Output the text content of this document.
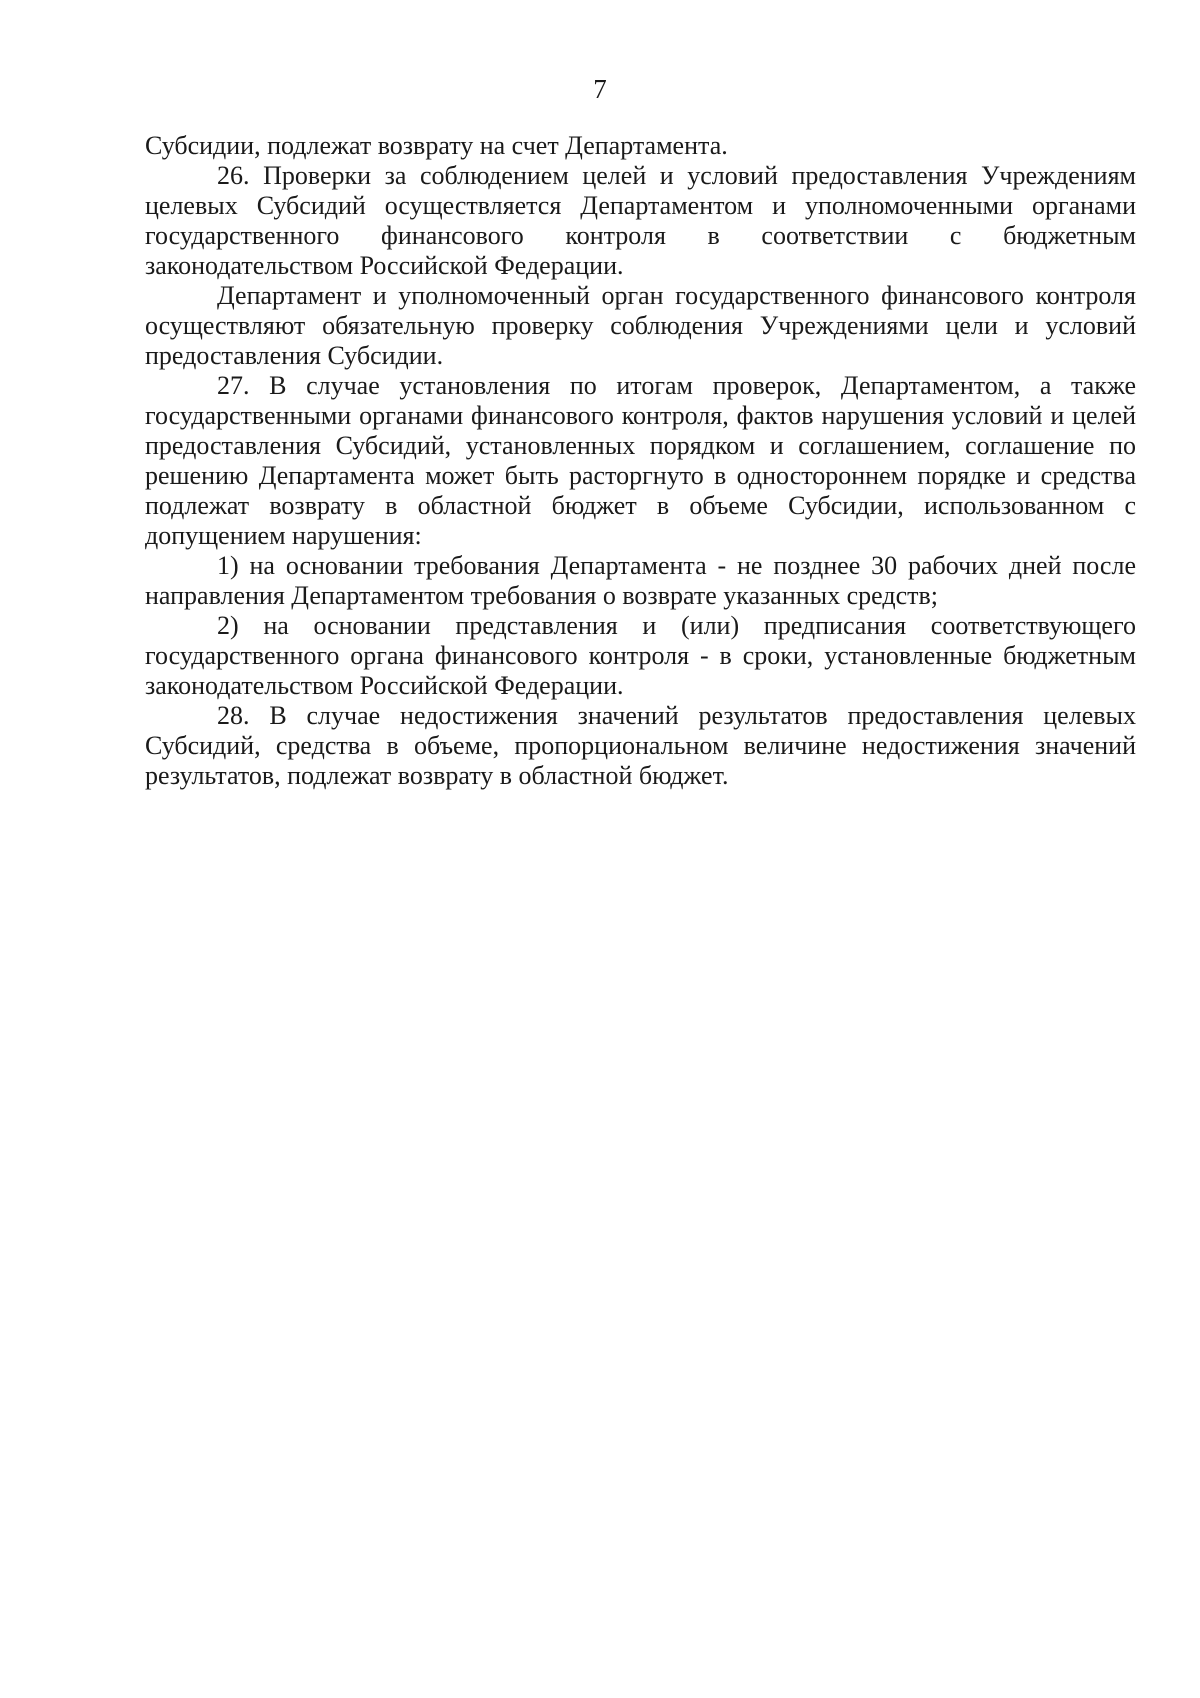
7

Субсидии, подлежат возврату на счет Департамента.

26. Проверки за соблюдением целей и условий предоставления Учреждениям целевых Субсидий осуществляется Департаментом и уполномоченными органами государственного финансового контроля в соответствии с бюджетным законодательством Российской Федерации.

Департамент и уполномоченный орган государственного финансового контроля осуществляют обязательную проверку соблюдения Учреждениями цели и условий предоставления Субсидии.

27. В случае установления по итогам проверок, Департаментом, а также государственными органами финансового контроля, фактов нарушения условий и целей предоставления Субсидий, установленных порядком и соглашением, соглашение по решению Департамента может быть расторгнуто в одностороннем порядке и средства подлежат возврату в областной бюджет в объеме Субсидии, использованном с допущением нарушения:

1) на основании требования Департамента - не позднее 30 рабочих дней после направления Департаментом требования о возврате указанных средств;

2) на основании представления и (или) предписания соответствующего государственного органа финансового контроля - в сроки, установленные бюджетным законодательством Российской Федерации.

28. В случае недостижения значений результатов предоставления целевых Субсидий, средства в объеме, пропорциональном величине недостижения значений результатов, подлежат возврату в областной бюджет.
